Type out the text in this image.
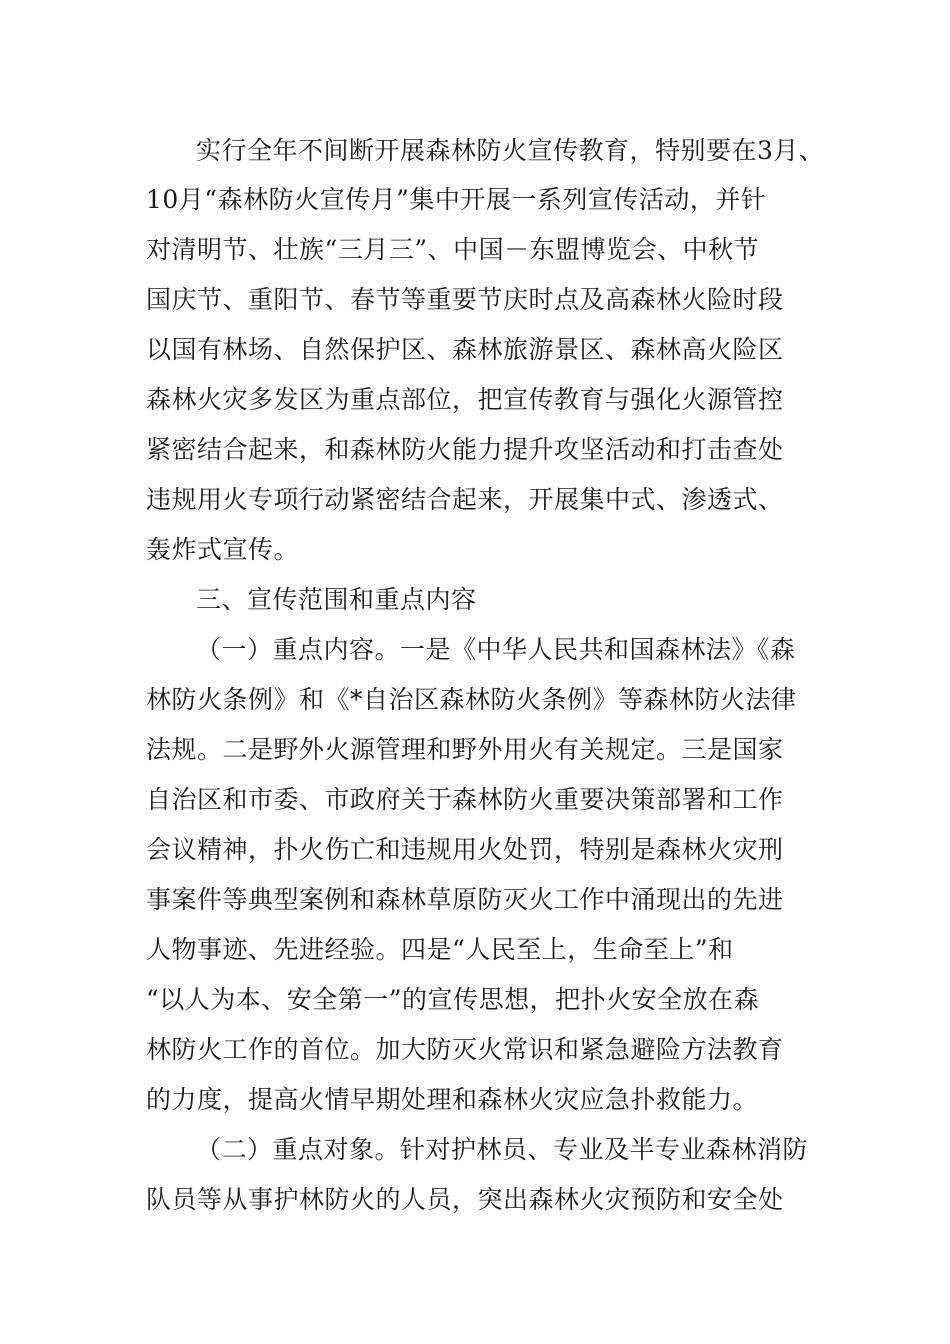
实行全年不间断开展森林防火宣传教育，特别要在3月、
10月“森林防火宣传月”集中开展一系列宣传活动，并针
对清明节、壮族“三月三”、中国－东盟博览会、中秋节
国庆节、重阳节、春节等重要节庆时点及高森林火险时段
以国有林场、自然保护区、森林旅游景区、森林高火险区
森林火灾多发区为重点部位，把宣传教育与强化火源管控
紧密结合起来，和森林防火能力提升攻坚活动和打击查处
违规用火专项行动紧密结合起来，开展集中式、渗透式、
轰炸式宣传。
三、宣传范围和重点内容
（一）重点内容。一是《中华人民共和国森林法》《森
林防火条例》和《*自治区森林防火条例》等森林防火法律
法规。二是野外火源管理和野外用火有关规定。三是国家
自治区和市委、市政府关于森林防火重要决策部署和工作
会议精神，扑火伤亡和违规用火处罚，特别是森林火灾刑
事案件等典型案例和森林草原防灭火工作中涌现出的先进
人物事迹、先进经验。四是“人民至上，生命至上”和
“以人为本、安全第一”的宣传思想，把扑火安全放在森
林防火工作的首位。加大防灭火常识和紧急避险方法教育
的力度，提高火情早期处理和森林火灾应急扑救能力。
（二）重点对象。针对护林员、专业及半专业森林消防
队员等从事护林防火的人员，突出森林火灾预防和安全处
